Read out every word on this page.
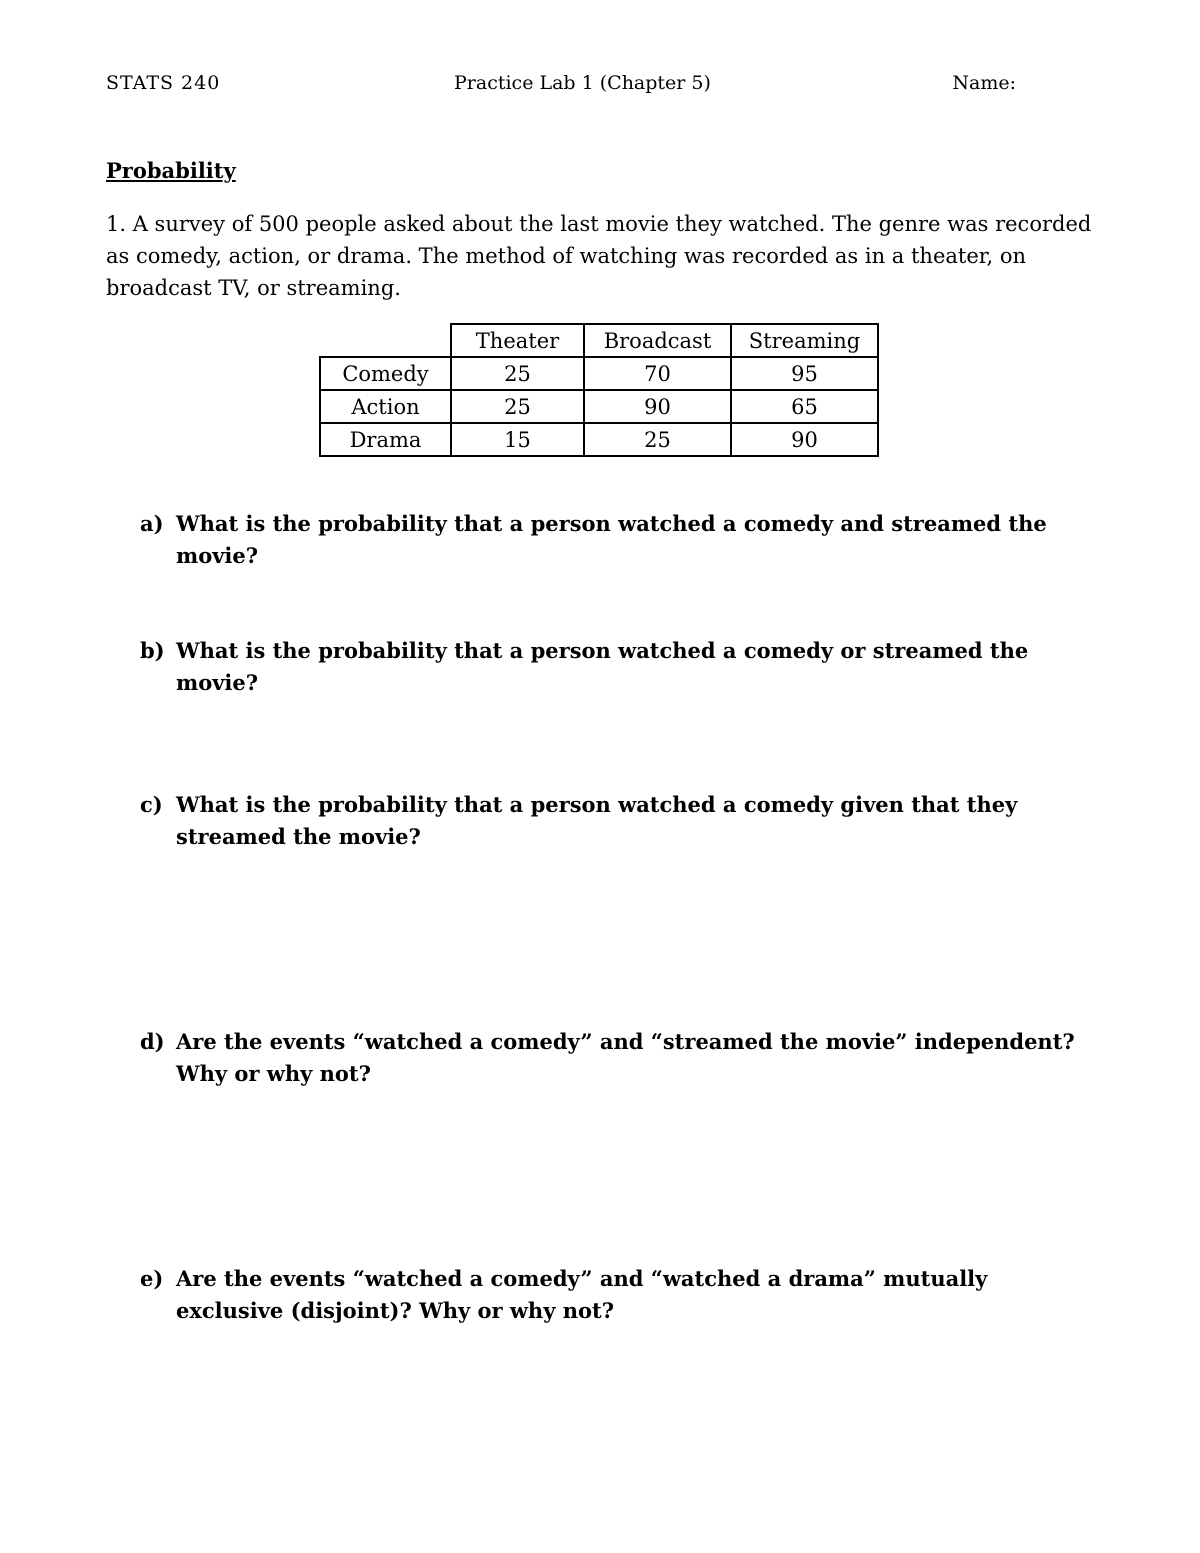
STATS 240	Practice Lab 1 (Chapter 5)	Name:
Probability

1. A survey of 500 people asked about the last movie they watched. The genre was recorded as comedy, action, or drama. The method of watching was recorded as in a theater, on broadcast TV, or streaming.

	Theater	Broadcast	Streaming
Comedy	25	70	95
Action	25	90	65
Drama	15	25	90
a) What is the probability that a person watched a comedy and streamed the movie?
b) What is the probability that a person watched a comedy or streamed the movie?
c) What is the probability that a person watched a comedy given that they streamed the movie?
d) Are the events “watched a comedy” and “streamed the movie” independent? Why or why not?
e) Are the events “watched a comedy” and “watched a drama” mutually exclusive (disjoint)? Why or why not?
